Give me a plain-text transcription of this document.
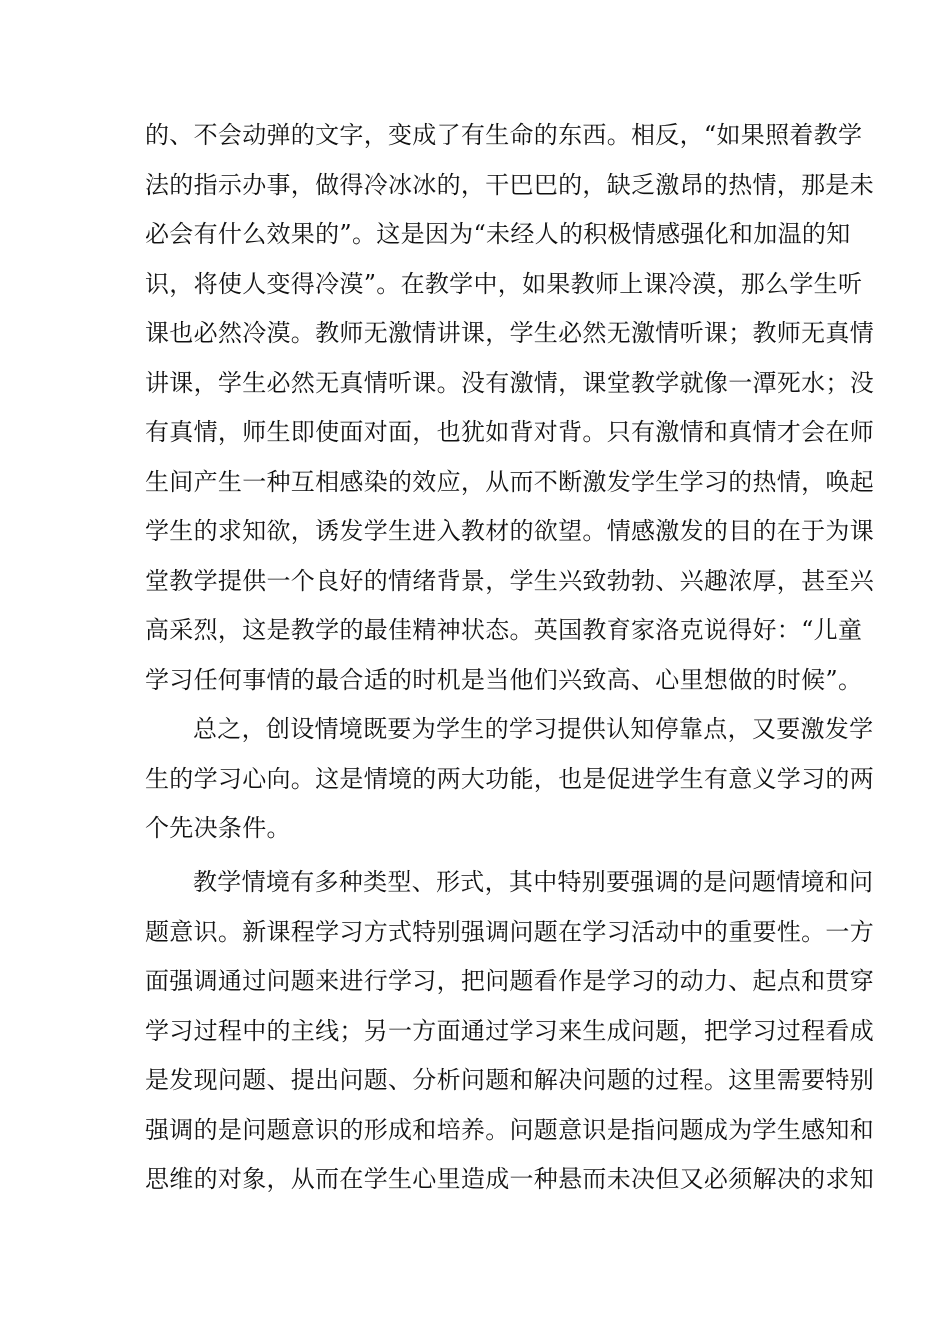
的、不会动弹的文字，变成了有生命的东西。相反，“如果照着教学
法的指示办事，做得冷冰冰的，干巴巴的，缺乏激昂的热情，那是未
必会有什么效果的”。这是因为“未经人的积极情感强化和加温的知
识，将使人变得冷漠”。在教学中，如果教师上课冷漠，那么学生听
课也必然冷漠。教师无激情讲课，学生必然无激情听课；教师无真情
讲课，学生必然无真情听课。没有激情，课堂教学就像一潭死水；没
有真情，师生即使面对面，也犹如背对背。只有激情和真情才会在师
生间产生一种互相感染的效应，从而不断激发学生学习的热情，唤起
学生的求知欲，诱发学生进入教材的欲望。情感激发的目的在于为课
堂教学提供一个良好的情绪背景，学生兴致勃勃、兴趣浓厚，甚至兴
高采烈，这是教学的最佳精神状态。英国教育家洛克说得好：“儿童
学习任何事情的最合适的时机是当他们兴致高、心里想做的时候”。
总之，创设情境既要为学生的学习提供认知停靠点，又要激发学
生的学习心向。这是情境的两大功能，也是促进学生有意义学习的两
个先决条件。
教学情境有多种类型、形式，其中特别要强调的是问题情境和问
题意识。新课程学习方式特别强调问题在学习活动中的重要性。一方
面强调通过问题来进行学习，把问题看作是学习的动力、起点和贯穿
学习过程中的主线；另一方面通过学习来生成问题，把学习过程看成
是发现问题、提出问题、分析问题和解决问题的过程。这里需要特别
强调的是问题意识的形成和培养。问题意识是指问题成为学生感知和
思维的对象，从而在学生心里造成一种悬而未决但又必须解决的求知
